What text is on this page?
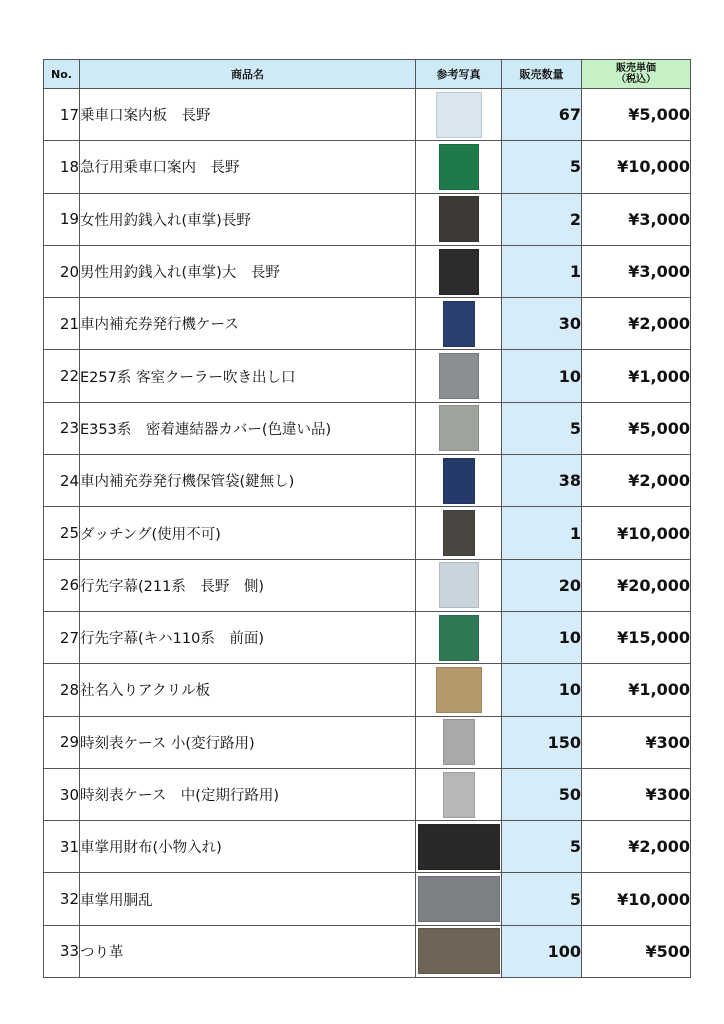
No.	商品名	参考写真	販売数量	販売単価
（税込）
17	乗車口案内板　長野		67	¥5,000
18	急行用乗車口案内　長野		5	¥10,000
19	女性用釣銭入れ(車掌)長野		2	¥3,000
20	男性用釣銭入れ(車掌)大　長野		1	¥3,000
21	車内補充券発行機ケース		30	¥2,000
22	E257系 客室クーラー吹き出し口		10	¥1,000
23	E353系　密着連結器カバー(色違い品)		5	¥5,000
24	車内補充券発行機保管袋(鍵無し)		38	¥2,000
25	ダッチング(使用不可)		1	¥10,000
26	行先字幕(211系　長野　側)		20	¥20,000
27	行先字幕(キハ110系　前面)		10	¥15,000
28	社名入りアクリル板		10	¥1,000
29	時刻表ケース 小(変行路用)		150	¥300
30	時刻表ケース　中(定期行路用)		50	¥300
31	車掌用財布(小物入れ)		5	¥2,000
32	車掌用胴乱		5	¥10,000
33	つり革		100	¥500
